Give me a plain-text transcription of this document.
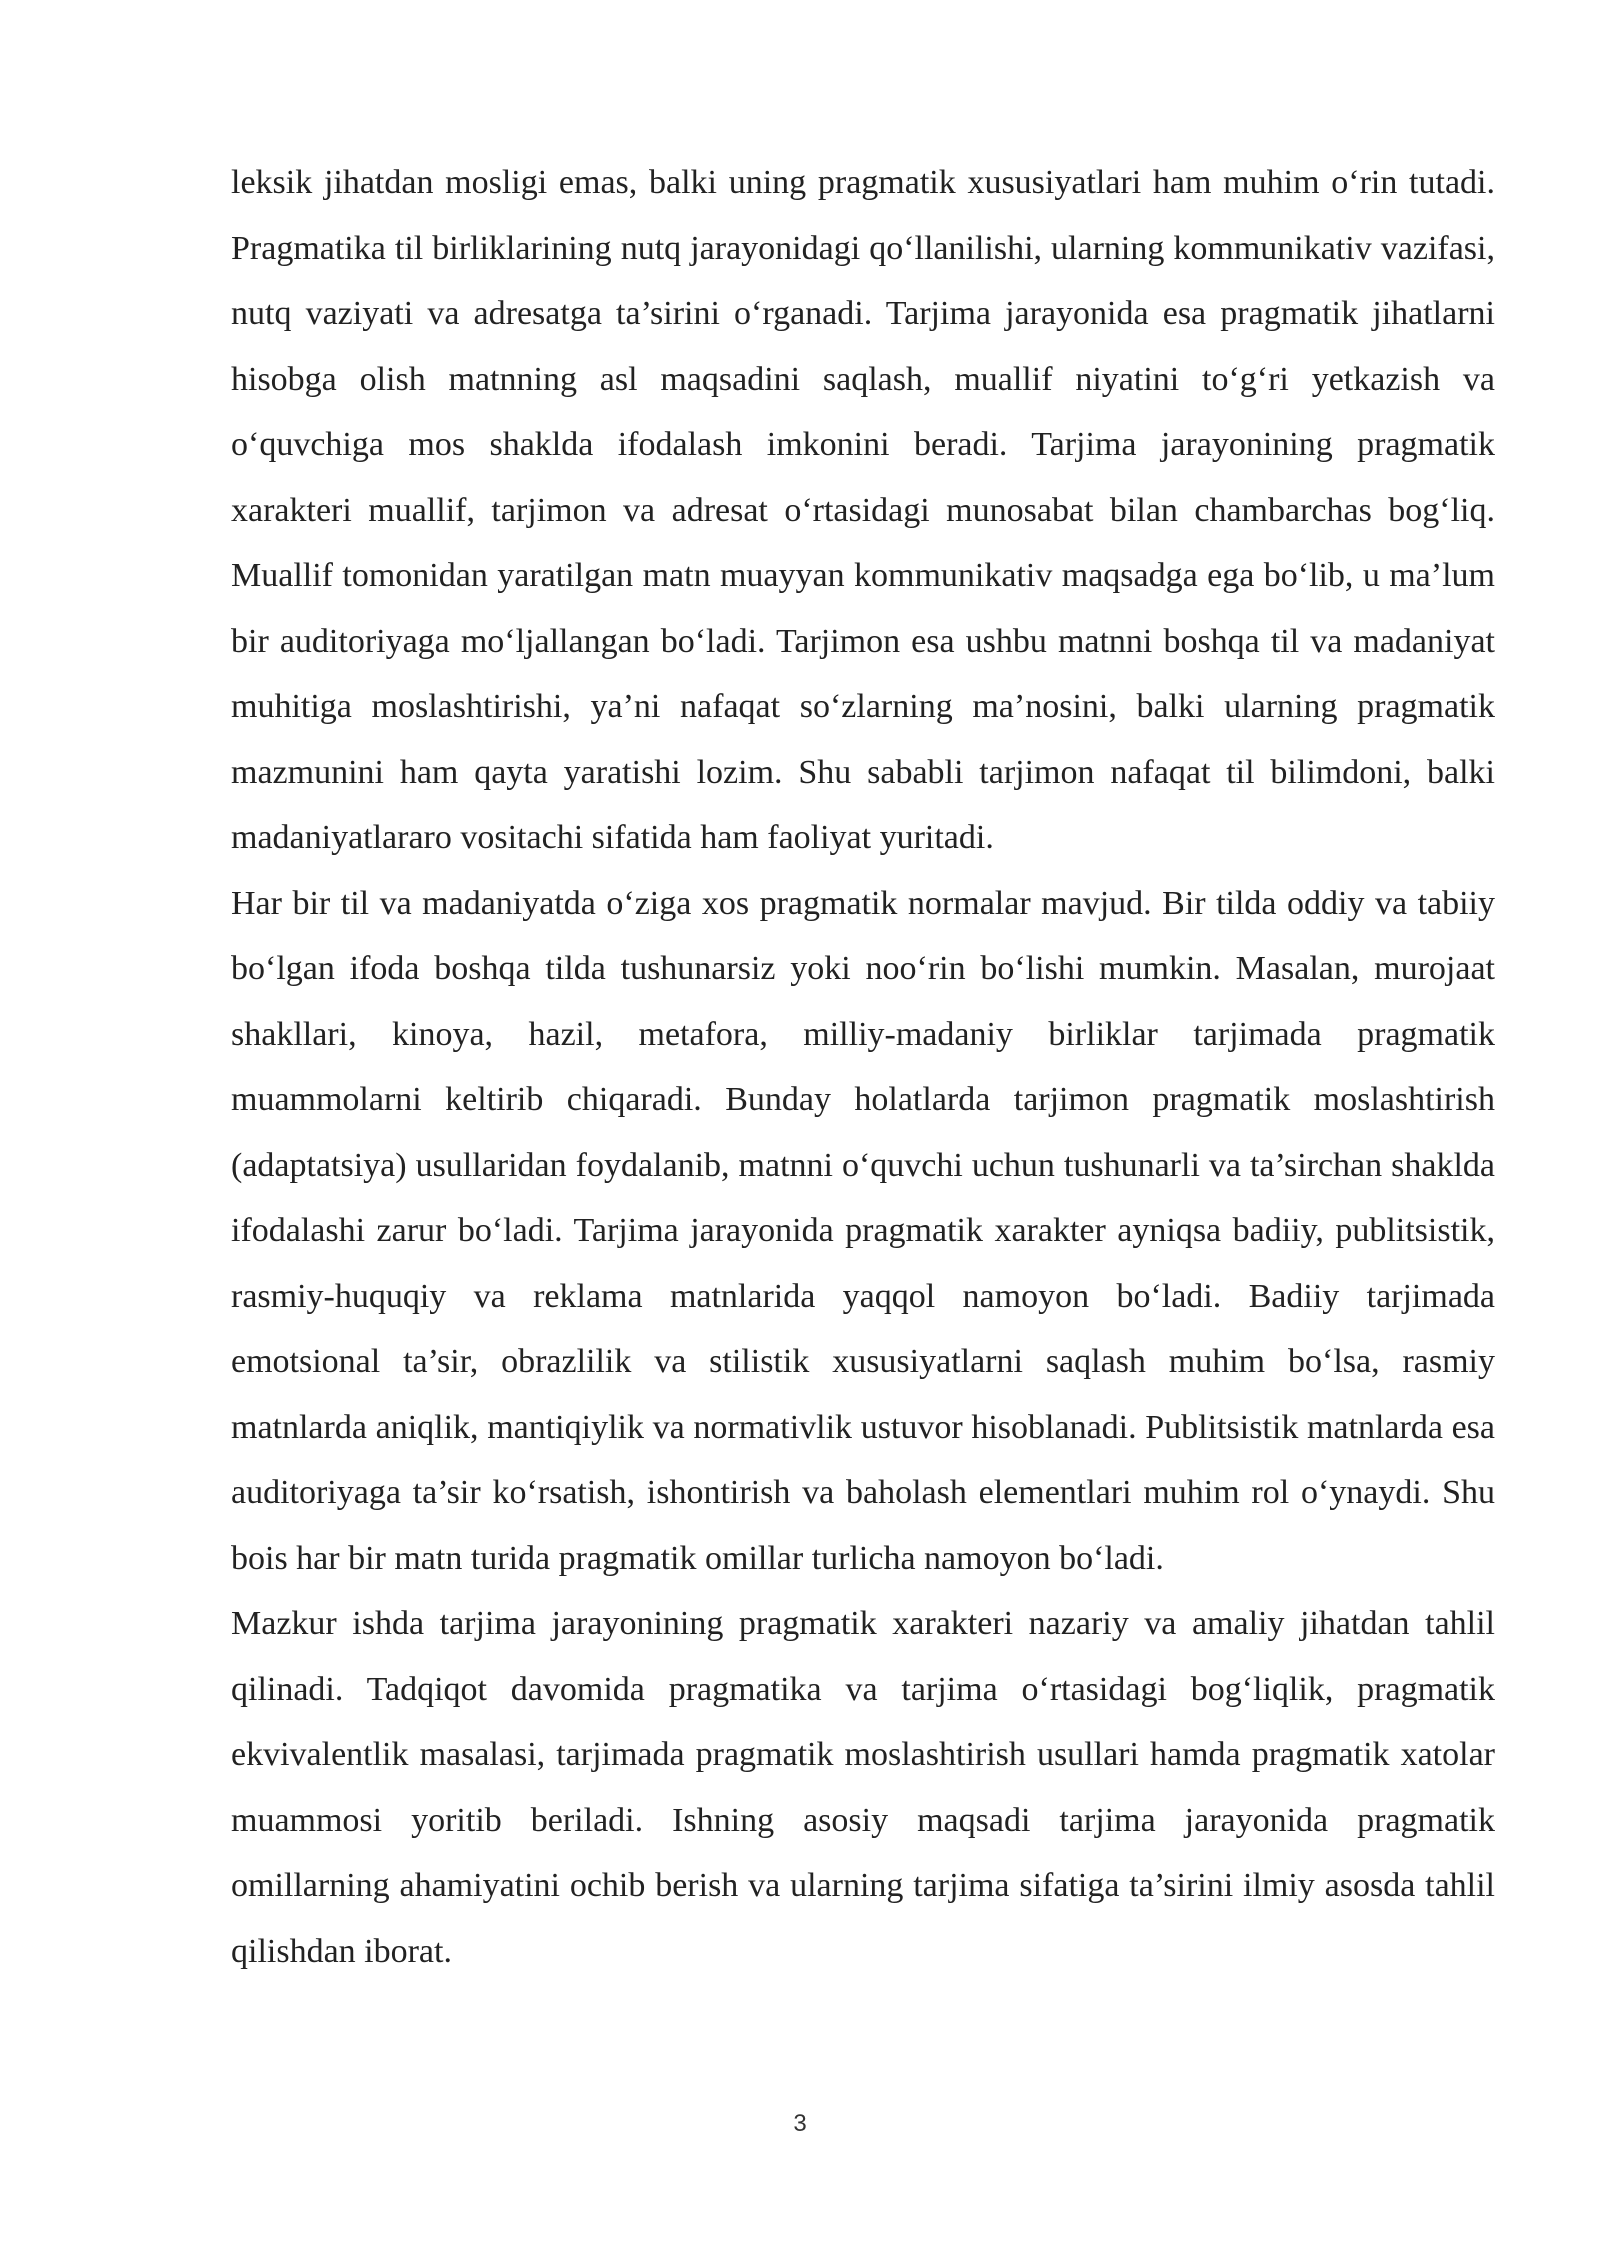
leksik jihatdan mosligi emas, balki uning pragmatik xususiyatlari ham muhim o‘rin tutadi. Pragmatika til birliklarining nutq jarayonidagi qo‘llanilishi, ularning kommunikativ vazifasi, nutq vaziyati va adresatga ta’sirini o‘rganadi. Tarjima jarayonida esa pragmatik jihatlarni hisobga olish matnning asl maqsadini saqlash, muallif niyatini to‘g‘ri yetkazish va o‘quvchiga mos shaklda ifodalash imkonini beradi. Tarjima jarayonining pragmatik xarakteri muallif, tarjimon va adresat o‘rtasidagi munosabat bilan chambarchas bog‘liq. Muallif tomonidan yaratilgan matn muayyan kommunikativ maqsadga ega bo‘lib, u ma’lum bir auditoriyaga mo‘ljallangan bo‘ladi. Tarjimon esa ushbu matnni boshqa til va madaniyat muhitiga moslashtirishi, ya’ni nafaqat so‘zlarning ma’nosini, balki ularning pragmatik mazmunini ham qayta yaratishi lozim. Shu sababli tarjimon nafaqat til bilimdoni, balki madaniyatlararo vositachi sifatida ham faoliyat yuritadi.

Har bir til va madaniyatda o‘ziga xos pragmatik normalar mavjud. Bir tilda oddiy va tabiiy bo‘lgan ifoda boshqa tilda tushunarsiz yoki noo‘rin bo‘lishi mumkin. Masalan, murojaat shakllari, kinoya, hazil, metafora, milliy-madaniy birliklar tarjimada pragmatik muammolarni keltirib chiqaradi. Bunday holatlarda tarjimon pragmatik moslashtirish (adaptatsiya) usullaridan foydalanib, matnni o‘quvchi uchun tushunarli va ta’sirchan shaklda ifodalashi zarur bo‘ladi. Tarjima jarayonida pragmatik xarakter ayniqsa badiiy, publitsistik, rasmiy-huquqiy va reklama matnlarida yaqqol namoyon bo‘ladi. Badiiy tarjimada emotsional ta’sir, obrazlilik va stilistik xususiyatlarni saqlash muhim bo‘lsa, rasmiy matnlarda aniqlik, mantiqiylik va normativlik ustuvor hisoblanadi. Publitsistik matnlarda esa auditoriyaga ta’sir ko‘rsatish, ishontirish va baholash elementlari muhim rol o‘ynaydi. Shu bois har bir matn turida pragmatik omillar turlicha namoyon bo‘ladi.

Mazkur ishda tarjima jarayonining pragmatik xarakteri nazariy va amaliy jihatdan tahlil qilinadi. Tadqiqot davomida pragmatika va tarjima o‘rtasidagi bog‘liqlik, pragmatik ekvivalentlik masalasi, tarjimada pragmatik moslashtirish usullari hamda pragmatik xatolar muammosi yoritib beriladi. Ishning asosiy maqsadi tarjima jarayonida pragmatik omillarning ahamiyatini ochib berish va ularning tarjima sifatiga ta’sirini ilmiy asosda tahlil qilishdan iborat.

3
